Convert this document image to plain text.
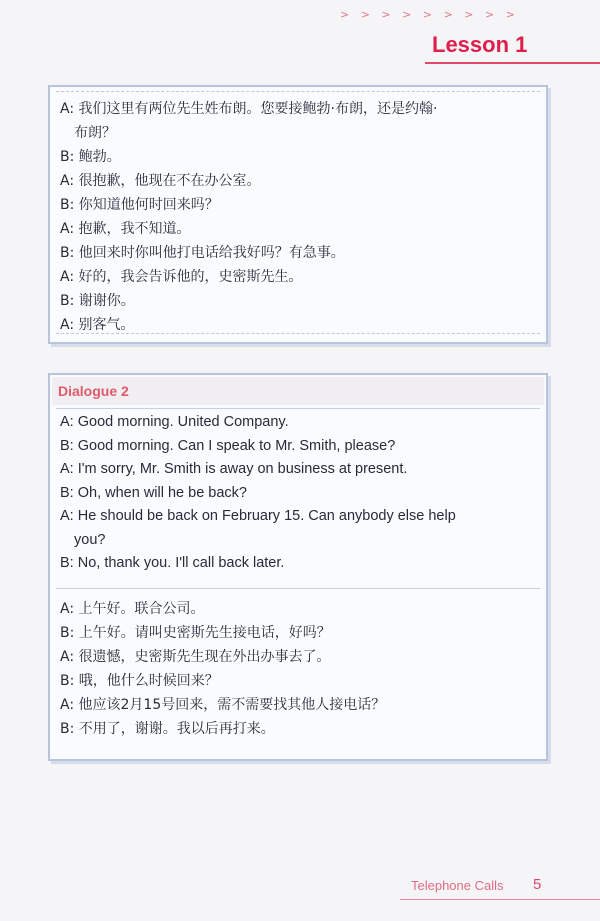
> > > > > > > > >
Lesson 1
A: 我们这里有两位先生姓布朗。您要接鲍勃·布朗，还是约翰·
布朗？
B: 鲍勃。
A: 很抱歉，他现在不在办公室。
B: 你知道他何时回来吗？
A: 抱歉，我不知道。
B: 他回来时你叫他打电话给我好吗？有急事。
A: 好的，我会告诉他的，史密斯先生。
B: 谢谢你。
A: 别客气。
Dialogue 2
A: Good morning. United Company.
B: Good morning. Can I speak to Mr. Smith, please?
A: I'm sorry, Mr. Smith is away on business at present.
B: Oh, when will he be back?
A: He should be back on February 15. Can anybody else help
you?
B: No, thank you. I'll call back later.
A: 上午好。联合公司。
B: 上午好。请叫史密斯先生接电话，好吗？
A: 很遗憾，史密斯先生现在外出办事去了。
B: 哦，他什么时候回来？
A: 他应该2月15号回来，需不需要找其他人接电话？
B: 不用了，谢谢。我以后再打来。
Telephone Calls 5
